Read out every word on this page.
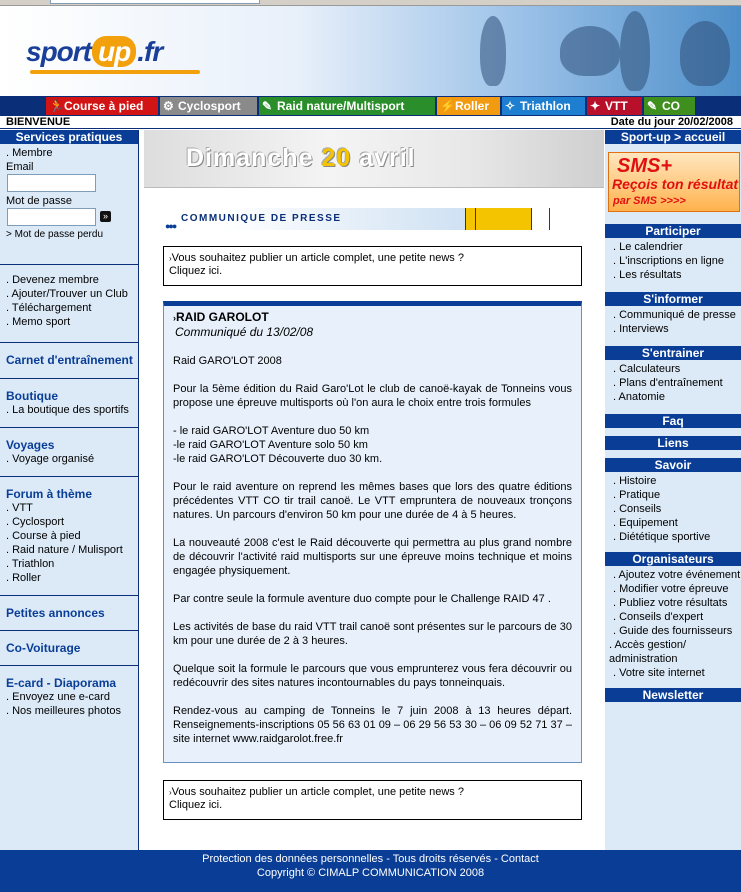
sport up .fr
🏃 Course à pied	⚙ Cyclosport	✎ Raid nature/Multisport	⚡ Roller	✧ Triathlon	✦ VTT	✎ CO
BIENVENUE	Date du jour 20/02/2008
Services pratiques
. Membre
Email
Mot de passe
»
> Mot de passe perdu
. Devenez membre
. Ajouter/Trouver un Club
. Téléchargement
. Memo sport
Carnet d'entraînement
Boutique
. La boutique des sportifs
Voyages
. Voyage organisé
Forum à thème
. VTT
. Cyclosport
. Course à pied
. Raid nature / Mulisport
. Triathlon
. Roller
Petites annonces
Co-Voiturage
E-card - Diaporama
. Envoyez une e-card
. Nos meilleures photos
Dimanche 20 avril
●●●
COMMUNIQUE DE PRESSE
›Vous souhaitez publier un article complet, une petite news ?
Cliquez ici.
›RAID GAROLOT
Communiqué du 13/02/08

Raid GARO'LOT 2008

Pour la 5ème édition du Raid Garo'Lot le club de canoë-kayak de Tonneins vous propose une épreuve multisports où l'on aura le choix entre trois formules

- le raid GARO'LOT Aventure duo 50 km

-le raid GARO'LOT Aventure solo 50 km

-le raid GARO'LOT Découverte duo 30 km.

Pour le raid aventure on reprend les mêmes bases que lors des quatre éditions précédentes VTT CO tir trail canoë. Le VTT empruntera de nouveaux tronçons natures. Un parcours d'environ 50 km pour une durée de 4 à 5 heures.

La nouveauté 2008 c'est le Raid découverte qui permettra au plus grand nombre de découvrir l'activité raid multisports sur une épreuve moins technique et moins engagée physiquement.

Par contre seule la formule aventure duo compte pour le Challenge RAID 47 .

Les activités de base du raid VTT trail canoë sont présentes sur le parcours de 30 km pour une durée de 2 à 3 heures.

Quelque soit la formule le parcours que vous emprunterez vous fera découvrir ou redécouvrir des sites natures incontournables du pays tonneinquais.

Rendez-vous au camping de Tonneins le 7 juin 2008 à 13 heures départ. Renseignements-inscriptions 05 56 63 01 09 – 06 29 56 53 30 – 06 09 52 71 37 – site internet www.raidgarolot.free.fr

›Vous souhaitez publier un article complet, une petite news ?
Cliquez ici.
Sport-up > accueil
SMS+
Reçois ton résultat
par SMS >>>>
Participer
. Le calendrier
. L'inscriptions en ligne
. Les résultats
S'informer
. Communiqué de presse
. Interviews
S'entrainer
. Calculateurs
. Plans d'entraînement
. Anatomie
Faq
Liens
Savoir
. Histoire
. Pratique
. Conseils
. Equipement
. Diététique sportive
Organisateurs
. Ajoutez votre événement
. Modifier votre épreuve
. Publiez votre résultats
. Conseils d'expert
. Guide des fournisseurs
. Accès gestion/ administration
. Votre site internet
Newsletter
Protection des données personnelles - Tous droits réservés - Contact
Copyright © CIMALP COMMUNICATION 2008
